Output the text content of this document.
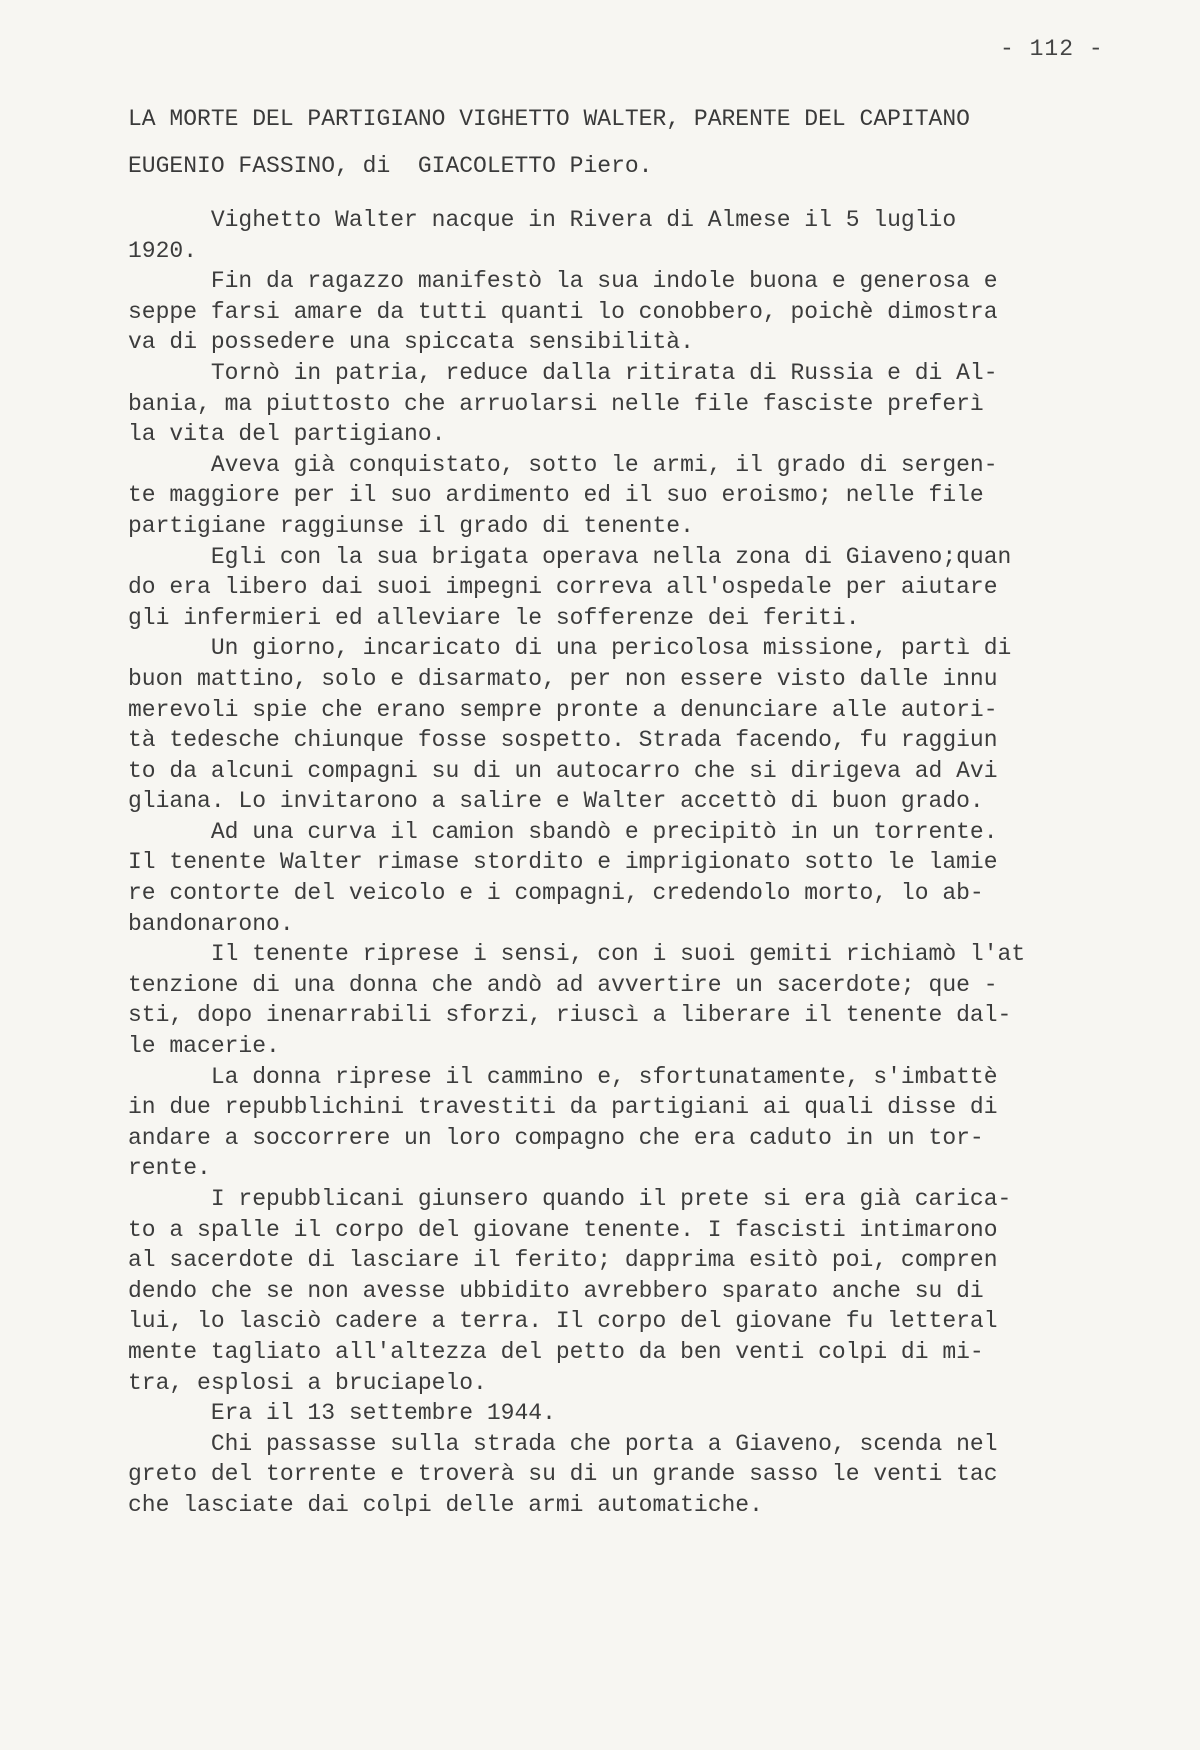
- 112 -
LA MORTE DEL PARTIGIANO VIGHETTO WALTER, PARENTE DEL CAPITANO
EUGENIO FASSINO, di  GIACOLETTO Piero.
Vighetto Walter nacque in Rivera di Almese il 5 luglio
1920.
Fin da ragazzo manifestò la sua indole buona e generosa e
seppe farsi amare da tutti quanti lo conobbero, poichè dimostra
va di possedere una spiccata sensibilità.
Tornò in patria, reduce dalla ritirata di Russia e di Al-
bania, ma piuttosto che arruolarsi nelle file fasciste preferì
la vita del partigiano.
Aveva già conquistato, sotto le armi, il grado di sergen-
te maggiore per il suo ardimento ed il suo eroismo; nelle file
partigiane raggiunse il grado di tenente.
Egli con la sua brigata operava nella zona di Giaveno;quan
do era libero dai suoi impegni correva all'ospedale per aiutare
gli infermieri ed alleviare le sofferenze dei feriti.
Un giorno, incaricato di una pericolosa missione, partì di
buon mattino, solo e disarmato, per non essere visto dalle innu
merevoli spie che erano sempre pronte a denunciare alle autori-
tà tedesche chiunque fosse sospetto. Strada facendo, fu raggiun
to da alcuni compagni su di un autocarro che si dirigeva ad Avi
gliana. Lo invitarono a salire e Walter accettò di buon grado.
Ad una curva il camion sbandò e precipitò in un torrente.
Il tenente Walter rimase stordito e imprigionato sotto le lamie
re contorte del veicolo e i compagni, credendolo morto, lo ab-
bandonarono.
Il tenente riprese i sensi, con i suoi gemiti richiamò l'at
tenzione di una donna che andò ad avvertire un sacerdote; que -
sti, dopo inenarrabili sforzi, riuscì a liberare il tenente dal-
le macerie.
La donna riprese il cammino e, sfortunatamente, s'imbattè
in due repubblichini travestiti da partigiani ai quali disse di
andare a soccorrere un loro compagno che era caduto in un tor-
rente.
I repubblicani giunsero quando il prete si era già carica-
to a spalle il corpo del giovane tenente. I fascisti intimarono
al sacerdote di lasciare il ferito; dapprima esitò poi, compren
dendo che se non avesse ubbidito avrebbero sparato anche su di
lui, lo lasciò cadere a terra. Il corpo del giovane fu letteral
mente tagliato all'altezza del petto da ben venti colpi di mi-
tra, esplosi a bruciapelo.
Era il 13 settembre 1944.
Chi passasse sulla strada che porta a Giaveno, scenda nel
greto del torrente e troverà su di un grande sasso le venti tac
che lasciate dai colpi delle armi automatiche.
